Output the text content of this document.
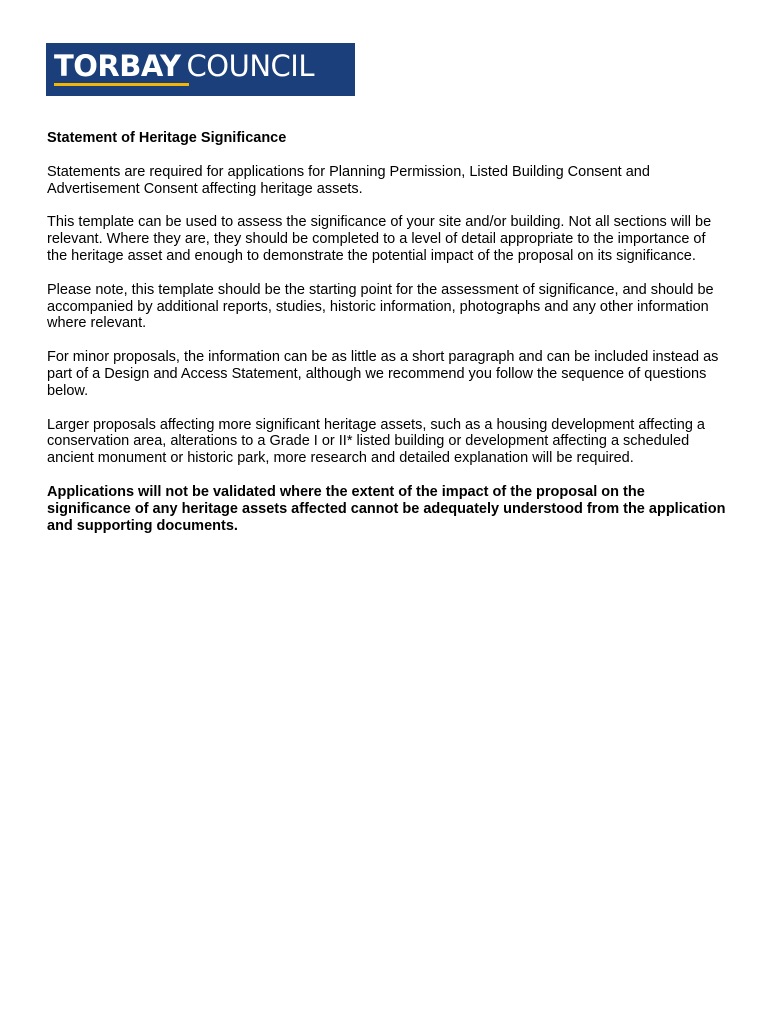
TORBAY COUNCIL

Statement of Heritage Significance

Statements are required for applications for Planning Permission, Listed Building Consent and Advertisement Consent affecting heritage assets.

This template can be used to assess the significance of your site and/or building. Not all sections will be relevant. Where they are, they should be completed to a level of detail appropriate to the importance of the heritage asset and enough to demonstrate the potential impact of the proposal on its significance.

Please note, this template should be the starting point for the assessment of significance, and should be accompanied by additional reports, studies, historic information, photographs and any other information where relevant.

For minor proposals, the information can be as little as a short paragraph and can be included instead as part of a Design and Access Statement, although we recommend you follow the sequence of questions below.

Larger proposals affecting more significant heritage assets, such as a housing development affecting a conservation area, alterations to a Grade I or II* listed building or development affecting a scheduled ancient monument or historic park, more research and detailed explanation will be required.

Applications will not be validated where the extent of the impact of the proposal on the significance of any heritage assets affected cannot be adequately understood from the application and supporting documents.
